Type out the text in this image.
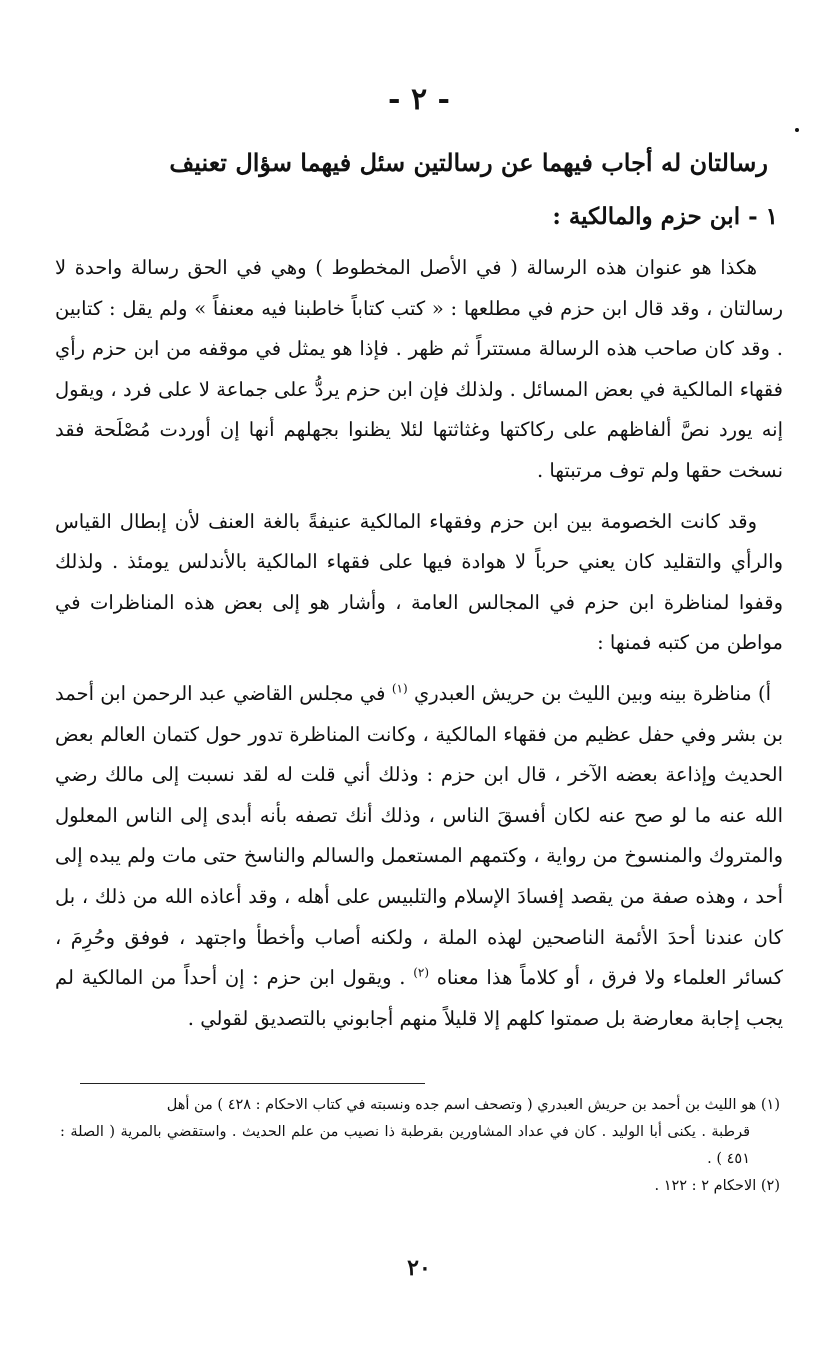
- ٢ -
رسالتان له أجاب فيهما عن رسالتين سئل فيهما سؤال تعنيف
١ - ابن حزم والمالكية :

هكذا هو عنوان هذه الرسالة ( في الأصل المخطوط ) وهي في الحق رسالة واحدة لا رسالتان ، وقد قال ابن حزم في مطلعها : « كتب كتاباً خاطبنا فيه معنفاً » ولم يقل : كتابين . وقد كان صاحب هذه الرسالة مستتراً ثم ظهر . فإذا هو يمثل في موقفه من ابن حزم رأي فقهاء المالكية في بعض المسائل . ولذلك فإن ابن حزم يردُّ على جماعة لا على فرد ، ويقول إنه يورد نصَّ ألفاظهم على ركاكتها وغثاثتها لئلا يظنوا بجهلهم أنها إن أوردت مُصْلَحة فقد نسخت حقها ولم توف مرتبتها .

وقد كانت الخصومة بين ابن حزم وفقهاء المالكية عنيفةً بالغة العنف لأن إبطال القياس والرأي والتقليد كان يعني حرباً لا هوادة فيها على فقهاء المالكية بالأندلس يومئذ . ولذلك وقفوا لمناظرة ابن حزم في المجالس العامة ، وأشار هو إلى بعض هذه المناظرات في مواطن من كتبه فمنها :

أ) مناظرة بينه وبين الليث بن حريش العبدري $^{(١)}$ في مجلس القاضي عبد الرحمن ابن أحمد بن بشر وفي حفل عظيم من فقهاء المالكية ، وكانت المناظرة تدور حول كتمان العالم بعض الحديث وإذاعة بعضه الآخر ، قال ابن حزم : وذلك أني قلت له لقد نسبت إلى مالك رضي الله عنه ما لو صح عنه لكان أفسقَ الناس ، وذلك أنك تصفه بأنه أبدى إلى الناس المعلول والمتروك والمنسوخ من رواية ، وكتمهم المستعمل والسالم والناسخ حتى مات ولم يبده إلى أحد ، وهذه صفة من يقصد إفسادَ الإسلام والتلبيس على أهله ، وقد أعاذه الله من ذلك ، بل كان عندنا أحدَ الأئمة الناصحين لهذه الملة ، ولكنه أصاب وأخطأ واجتهد ، فوفق وحُرِمَ ، كسائر العلماء ولا فرق ، أو كلاماً هذا معناه $^{(٢)}$ . ويقول ابن حزم : إن أحداً من المالكية لم يجب إجابة معارضة بل صمتوا كلهم إلا قليلاً منهم أجابوني بالتصديق لقولي .

(١) هو الليث بن أحمد بن حريش العبدري ( وتصحف اسم جده ونسبته في كتاب الاحكام : ٤٢٨ ) من أهل

قرطبة . يكنى أبا الوليد . كان في عداد المشاورين بقرطبة ذا نصيب من علم الحديث . واستقضي بالمرية ( الصلة : ٤٥١ ) .

(٢) الاحكام ٢ : ١٢٢ .

٢٠
